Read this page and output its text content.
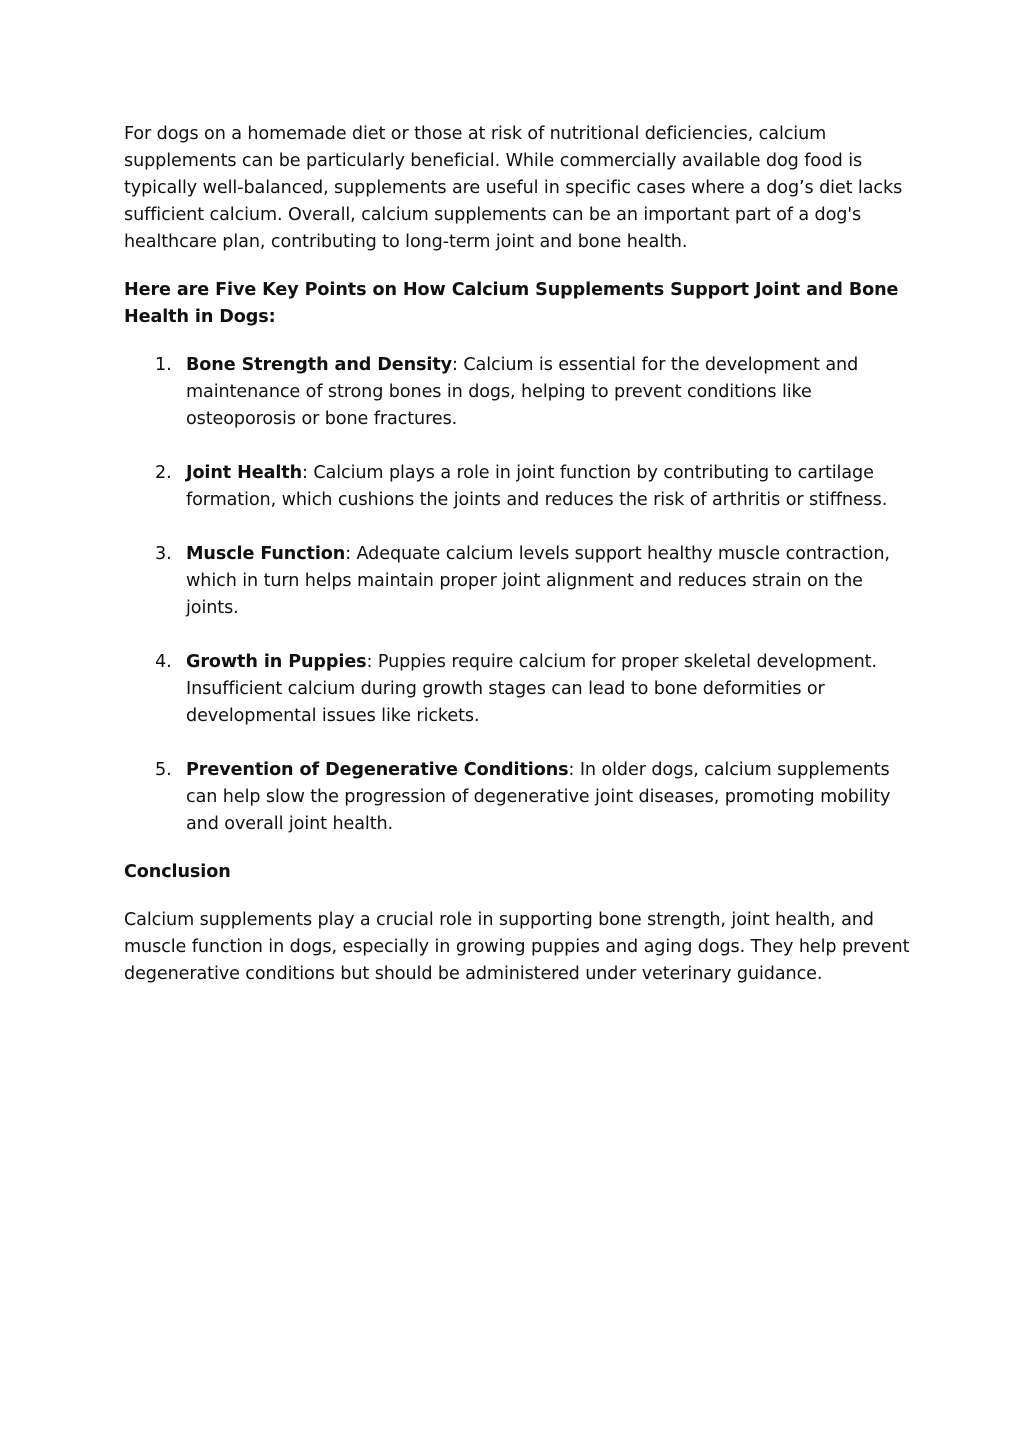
For dogs on a homemade diet or those at risk of nutritional deficiencies, calcium supplements can be particularly beneficial. While commercially available dog food is typically well-balanced, supplements are useful in specific cases where a dog’s diet lacks sufficient calcium. Overall, calcium supplements can be an important part of a dog's healthcare plan, contributing to long-term joint and bone health.

Here are Five Key Points on How Calcium Supplements Support Joint and Bone Health in Dogs:

1. Bone Strength and Density: Calcium is essential for the development and maintenance of strong bones in dogs, helping to prevent conditions like osteoporosis or bone fractures.
2. Joint Health: Calcium plays a role in joint function by contributing to cartilage formation, which cushions the joints and reduces the risk of arthritis or stiffness.
3. Muscle Function: Adequate calcium levels support healthy muscle contraction, which in turn helps maintain proper joint alignment and reduces strain on the joints.
4. Growth in Puppies: Puppies require calcium for proper skeletal development. Insufficient calcium during growth stages can lead to bone deformities or developmental issues like rickets.
5. Prevention of Degenerative Conditions: In older dogs, calcium supplements can help slow the progression of degenerative joint diseases, promoting mobility and overall joint health.

Conclusion

Calcium supplements play a crucial role in supporting bone strength, joint health, and muscle function in dogs, especially in growing puppies and aging dogs. They help prevent degenerative conditions but should be administered under veterinary guidance.
